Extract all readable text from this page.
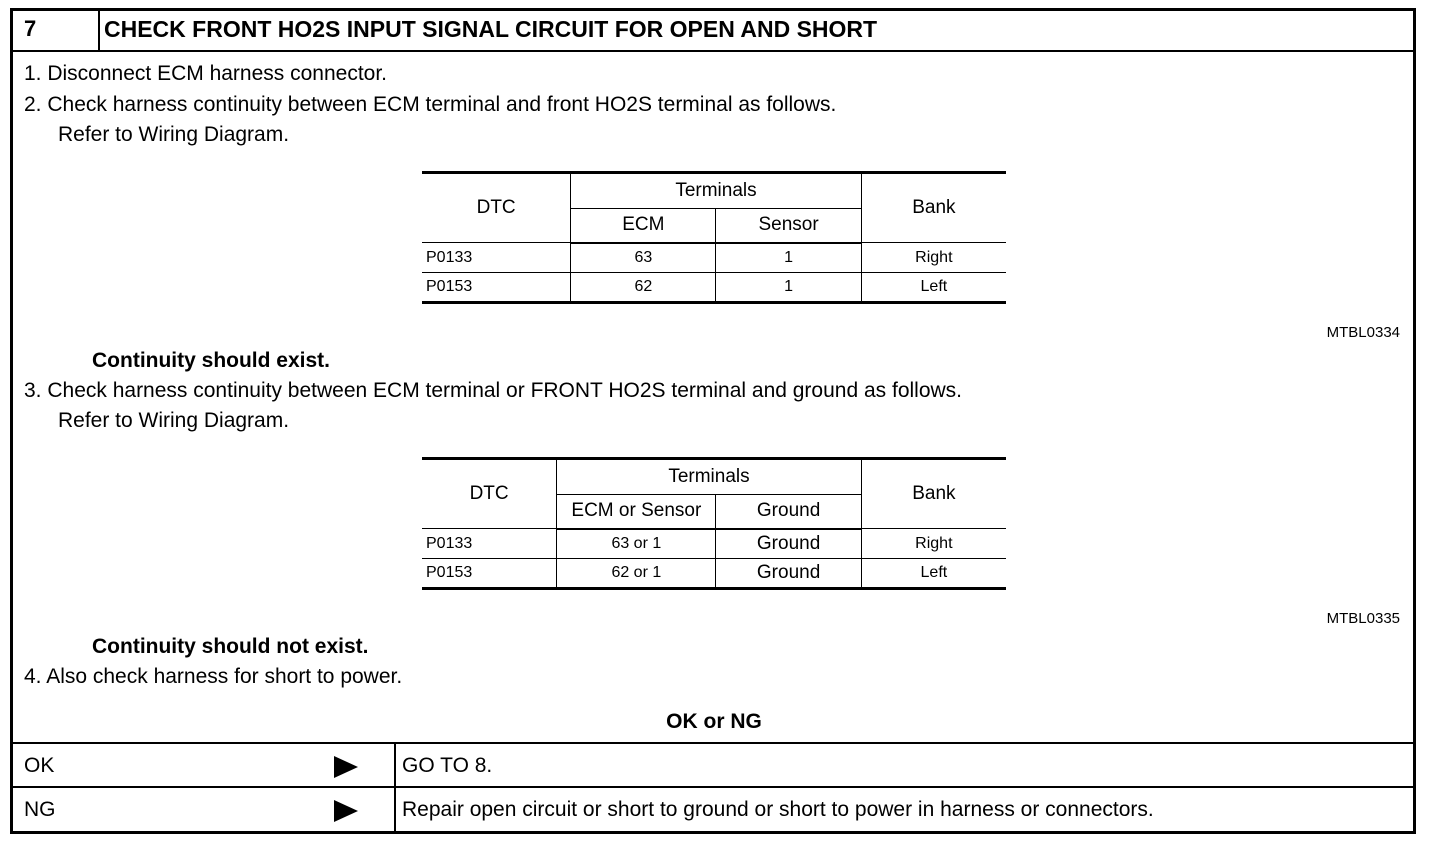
7	CHECK FRONT HO2S INPUT SIGNAL CIRCUIT FOR OPEN AND SHORT
1. Disconnect ECM harness connector.
2. Check harness continuity between ECM terminal and front HO2S terminal as follows.
Refer to Wiring Diagram.
DTC	Terminals		Bank
	ECM	Sensor	
P0133	63	1	Right
P0153	62	1	Left
MTBL0334
Continuity should exist.
3. Check harness continuity between ECM terminal or FRONT HO2S terminal and ground as follows.
Refer to Wiring Diagram.
DTC	Terminals		Bank
	ECM or Sensor	Ground	
P0133	63 or 1	Ground	Right
P0153	62 or 1	Ground	Left
MTBL0335
Continuity should not exist.
4. Also check harness for short to power.
OK or NG
OK	GO TO 8.
NG	Repair open circuit or short to ground or short to power in harness or connectors.
